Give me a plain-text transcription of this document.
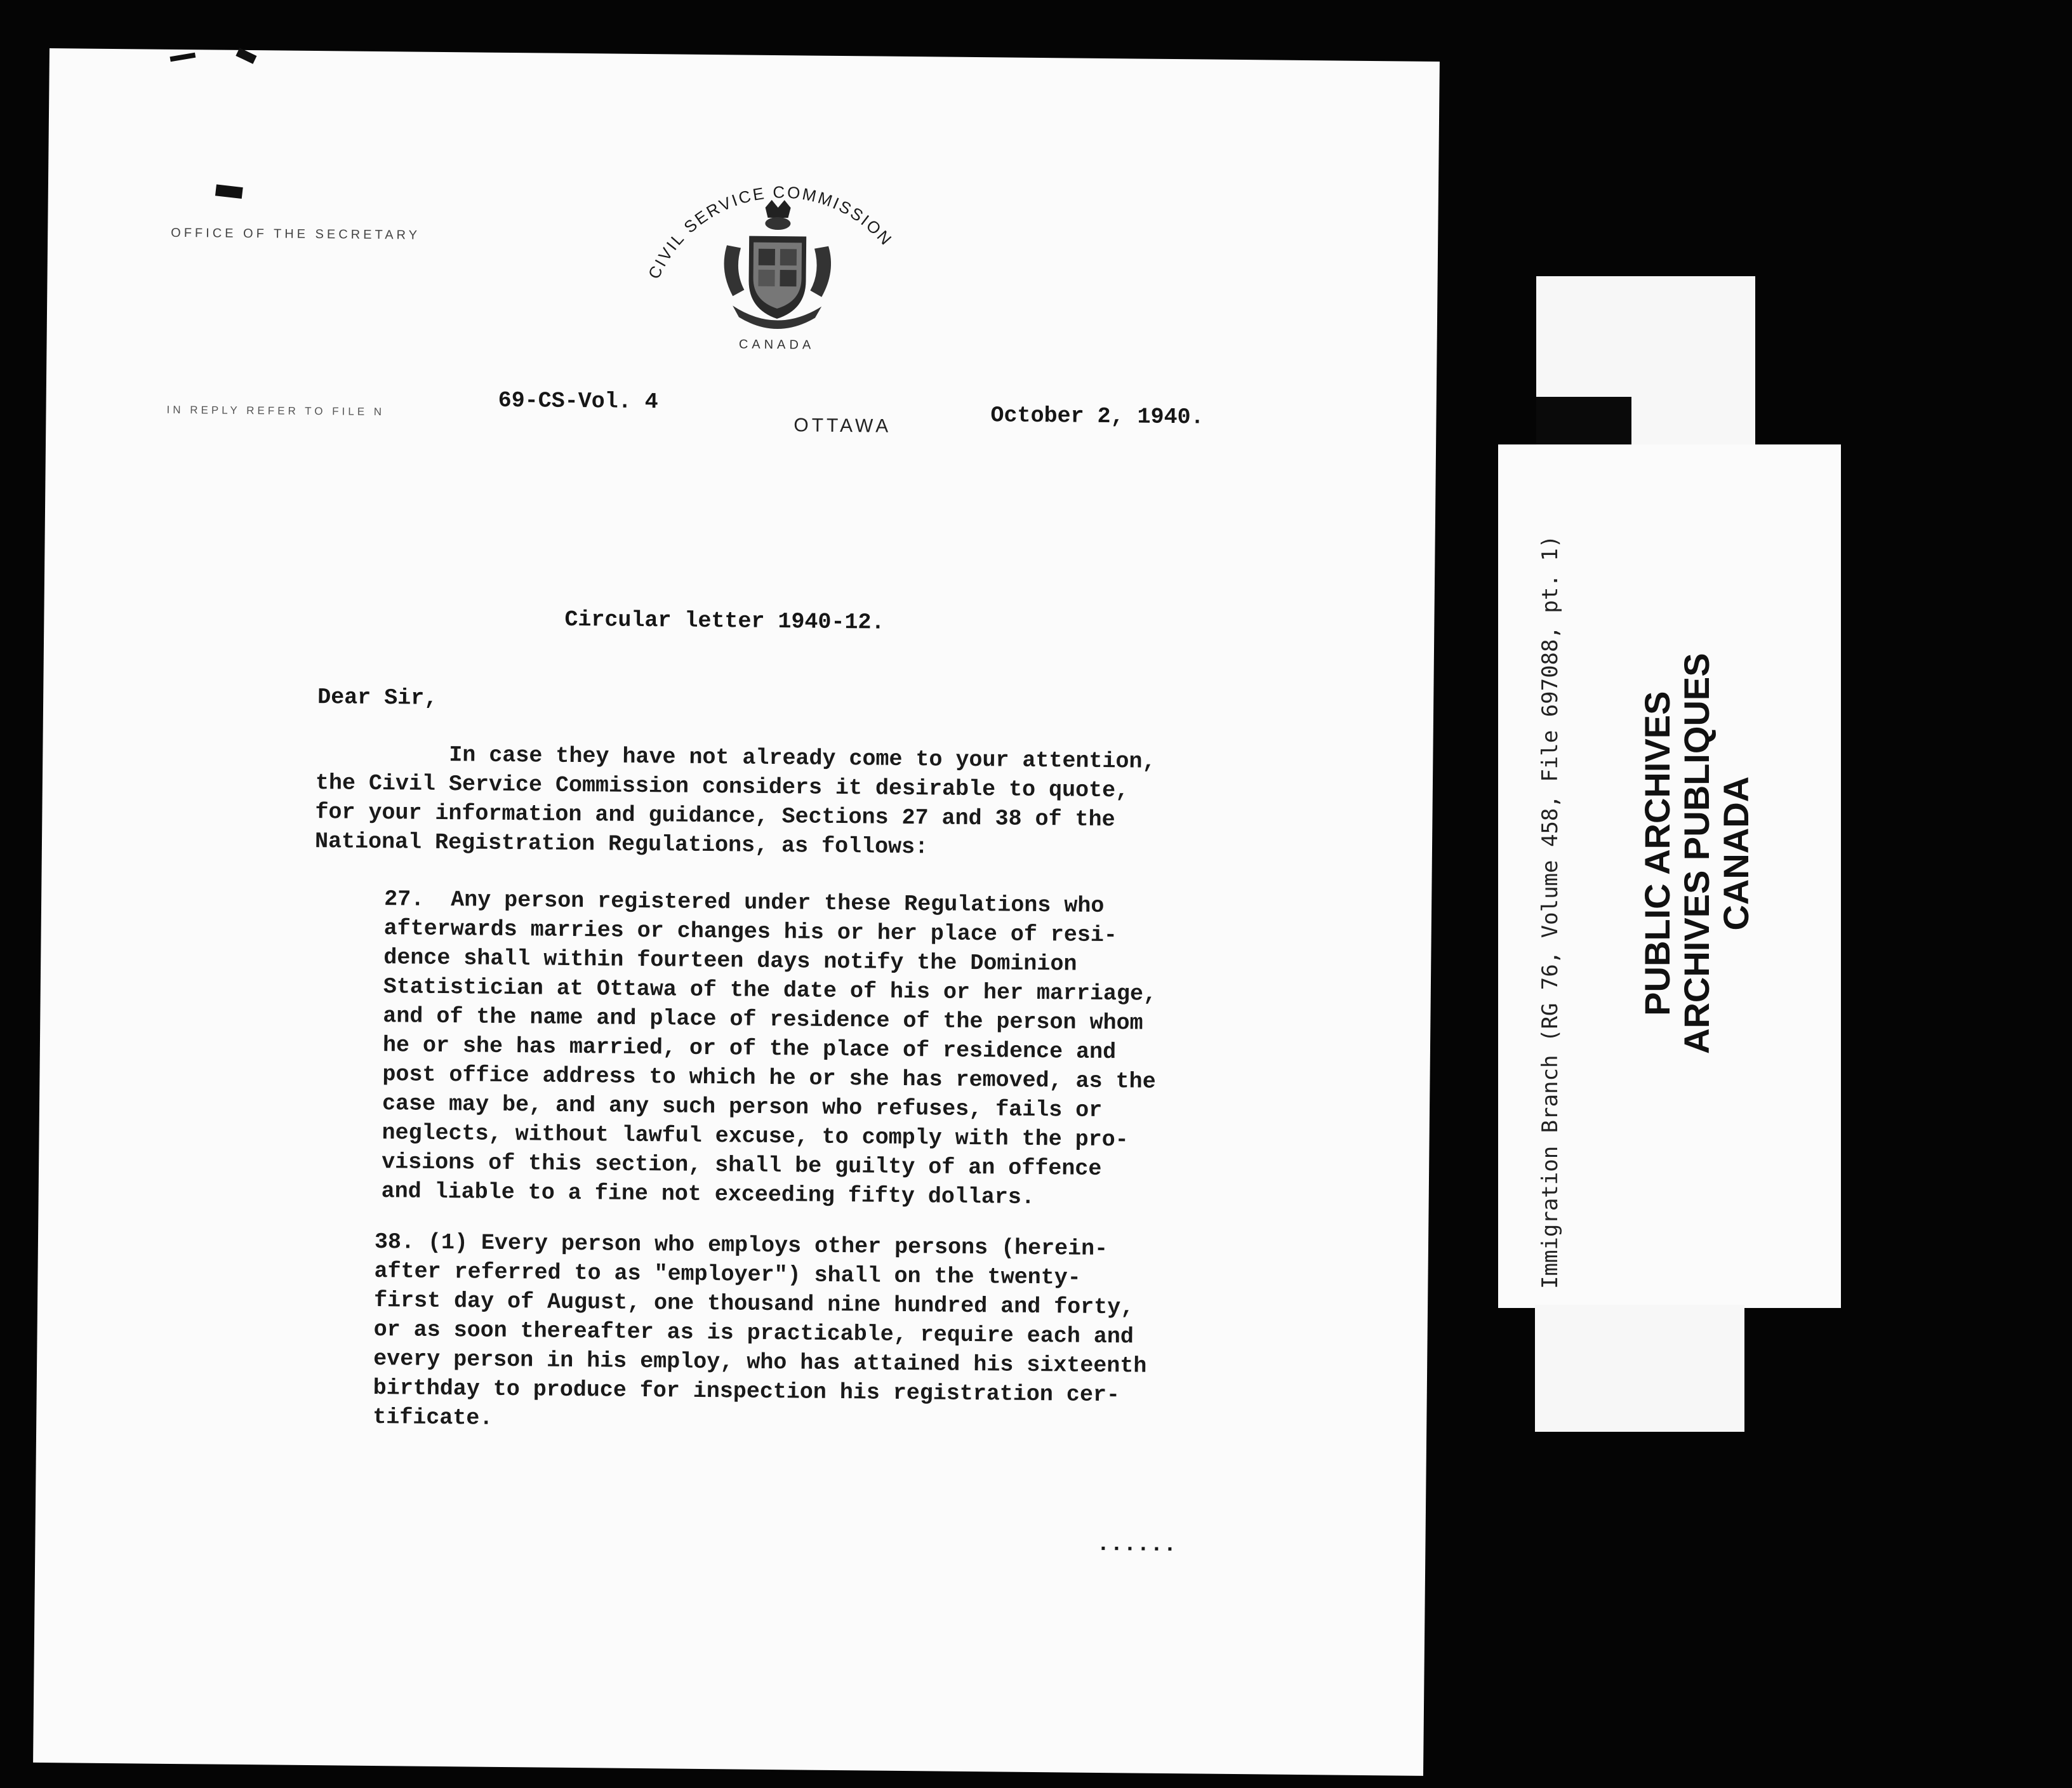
OFFICE OF THE SECRETARY
CIVIL SERVICE COMMISSION
CANADA
IN REPLY REFER TO FILE N	69-CS-Vol. 4
OTTAWA	October 2, 1940.
Circular letter 1940-12.
Dear Sir,
In case they have not already come to your attention,
the Civil Service Commission considers it desirable to quote,
for your information and guidance, Sections 27 and 38 of the
National Registration Regulations, as follows:
27.  Any person registered under these Regulations who
afterwards marries or changes his or her place of resi-
dence shall within fourteen days notify the Dominion
Statistician at Ottawa of the date of his or her marriage,
and of the name and place of residence of the person whom
he or she has married, or of the place of residence and
post office address to which he or she has removed, as the
case may be, and any such person who refuses, fails or
neglects, without lawful excuse, to comply with the pro-
visions of this section, shall be guilty of an offence
and liable to a fine not exceeding fifty dollars.
38. (1) Every person who employs other persons (herein-
after referred to as "employer") shall on the twenty-
first day of August, one thousand nine hundred and forty,
or as soon thereafter as is practicable, require each and
every person in his employ, who has attained his sixteenth
birthday to produce for inspection his registration cer-
tificate.
......
Immigration Branch (RG 76, Volume 458, File 697088, pt. 1) PUBLIC ARCHIVES ARCHIVES PUBLIQUES CANADA
